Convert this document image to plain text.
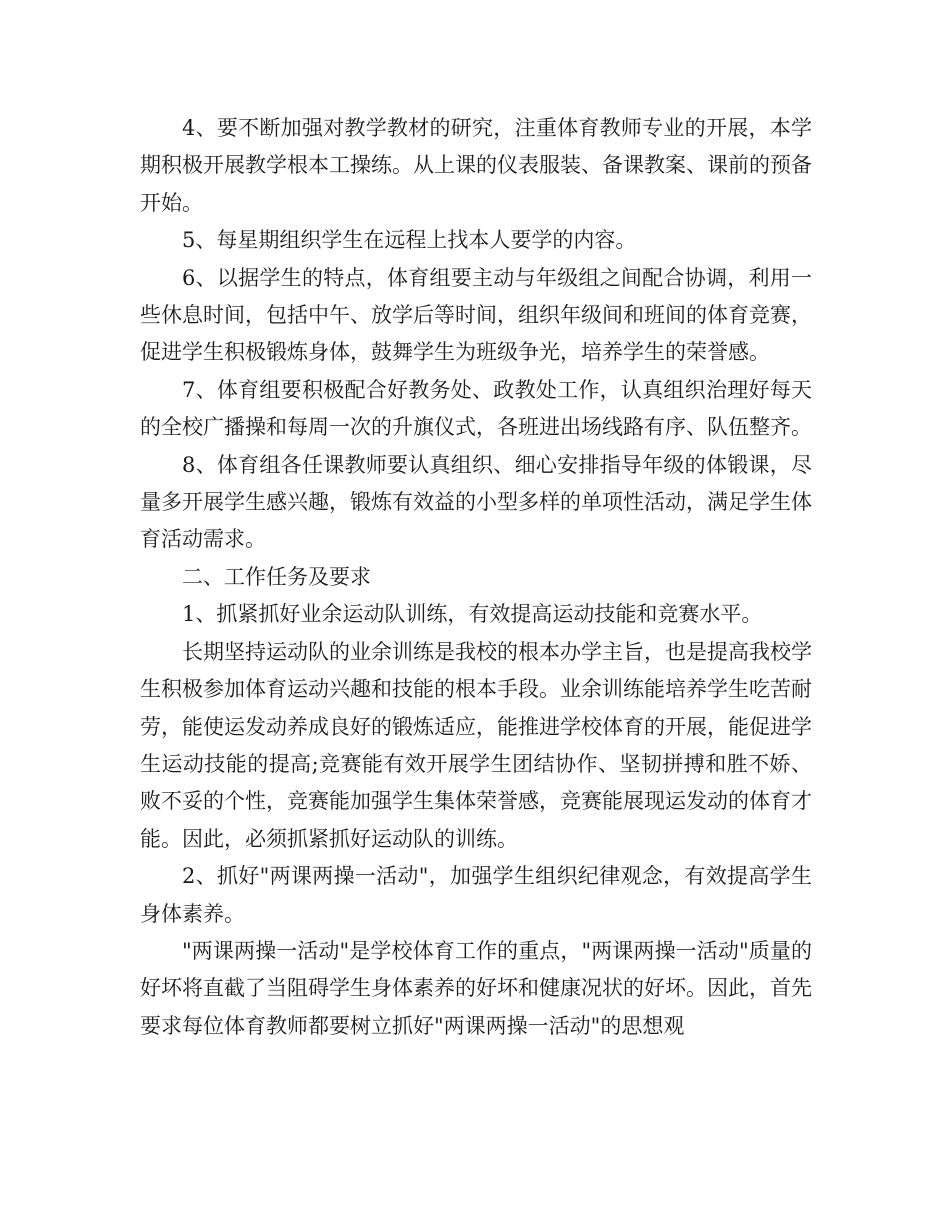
4、要不断加强对教学教材的研究，注重体育教师专业的开展，本学期积极开展教学根本工操练。从上课的仪表服装、备课教案、课前的预备开始。

5、每星期组织学生在远程上找本人要学的内容。

6、以据学生的特点，体育组要主动与年级组之间配合协调，利用一些休息时间，包括中午、放学后等时间，组织年级间和班间的体育竞赛，促进学生积极锻炼身体，鼓舞学生为班级争光，培养学生的荣誉感。

7、体育组要积极配合好教务处、政教处工作，认真组织治理好每天的全校广播操和每周一次的升旗仪式，各班进出场线路有序、队伍整齐。

8、体育组各任课教师要认真组织、细心安排指导年级的体锻课，尽量多开展学生感兴趣，锻炼有效益的小型多样的单项性活动，满足学生体育活动需求。

二、工作任务及要求

1、抓紧抓好业余运动队训练，有效提高运动技能和竞赛水平。

长期坚持运动队的业余训练是我校的根本办学主旨，也是提高我校学生积极参加体育运动兴趣和技能的根本手段。业余训练能培养学生吃苦耐劳，能使运发动养成良好的锻炼适应，能推进学校体育的开展，能促进学生运动技能的提高;竞赛能有效开展学生团结协作、坚韧拼搏和胜不娇、败不妥的个性，竞赛能加强学生集体荣誉感，竞赛能展现运发动的体育才能。因此，必须抓紧抓好运动队的训练。

2、抓好"两课两操一活动"，加强学生组织纪律观念，有效提高学生身体素养。

"两课两操一活动"是学校体育工作的重点，"两课两操一活动"质量的好坏将直截了当阻碍学生身体素养的好坏和健康况状的好坏。因此，首先要求每位体育教师都要树立抓好"两课两操一活动"的思想观
